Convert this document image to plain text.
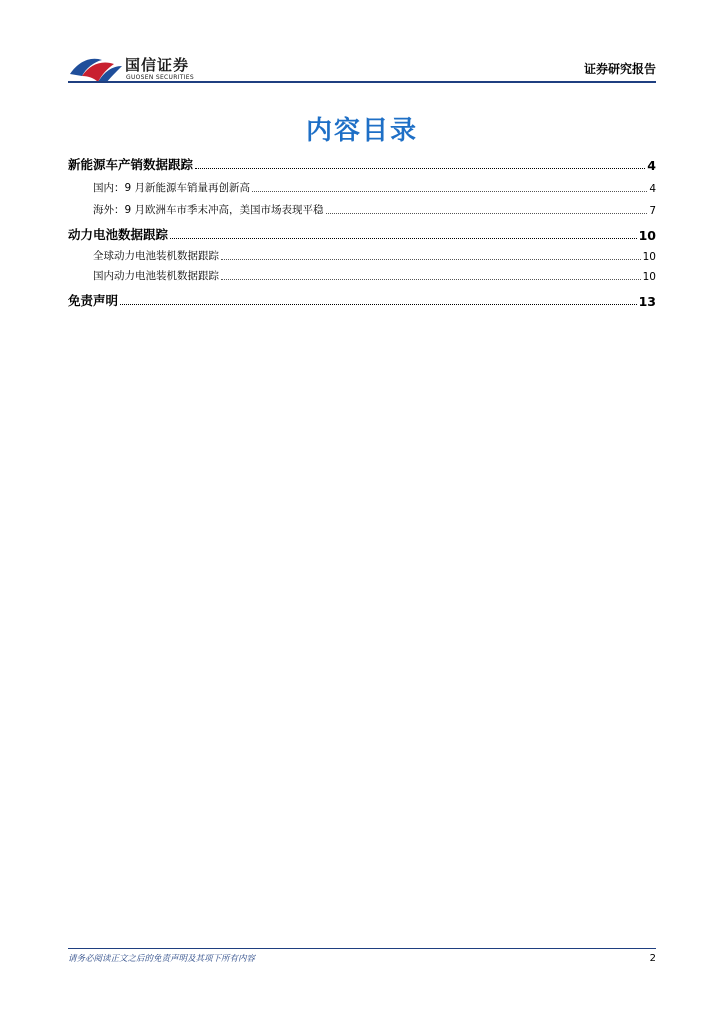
国信证券
GUOSEN SECURITIES
证券研究报告
内容目录
新能源车产销数据跟踪	4
国内：9 月新能源车销量再创新高	4
海外：9 月欧洲车市季末冲高，美国市场表现平稳	7
动力电池数据跟踪	10
全球动力电池装机数据跟踪	10
国内动力电池装机数据跟踪	10
免责声明	13
请务必阅读正文之后的免责声明及其项下所有内容	2
